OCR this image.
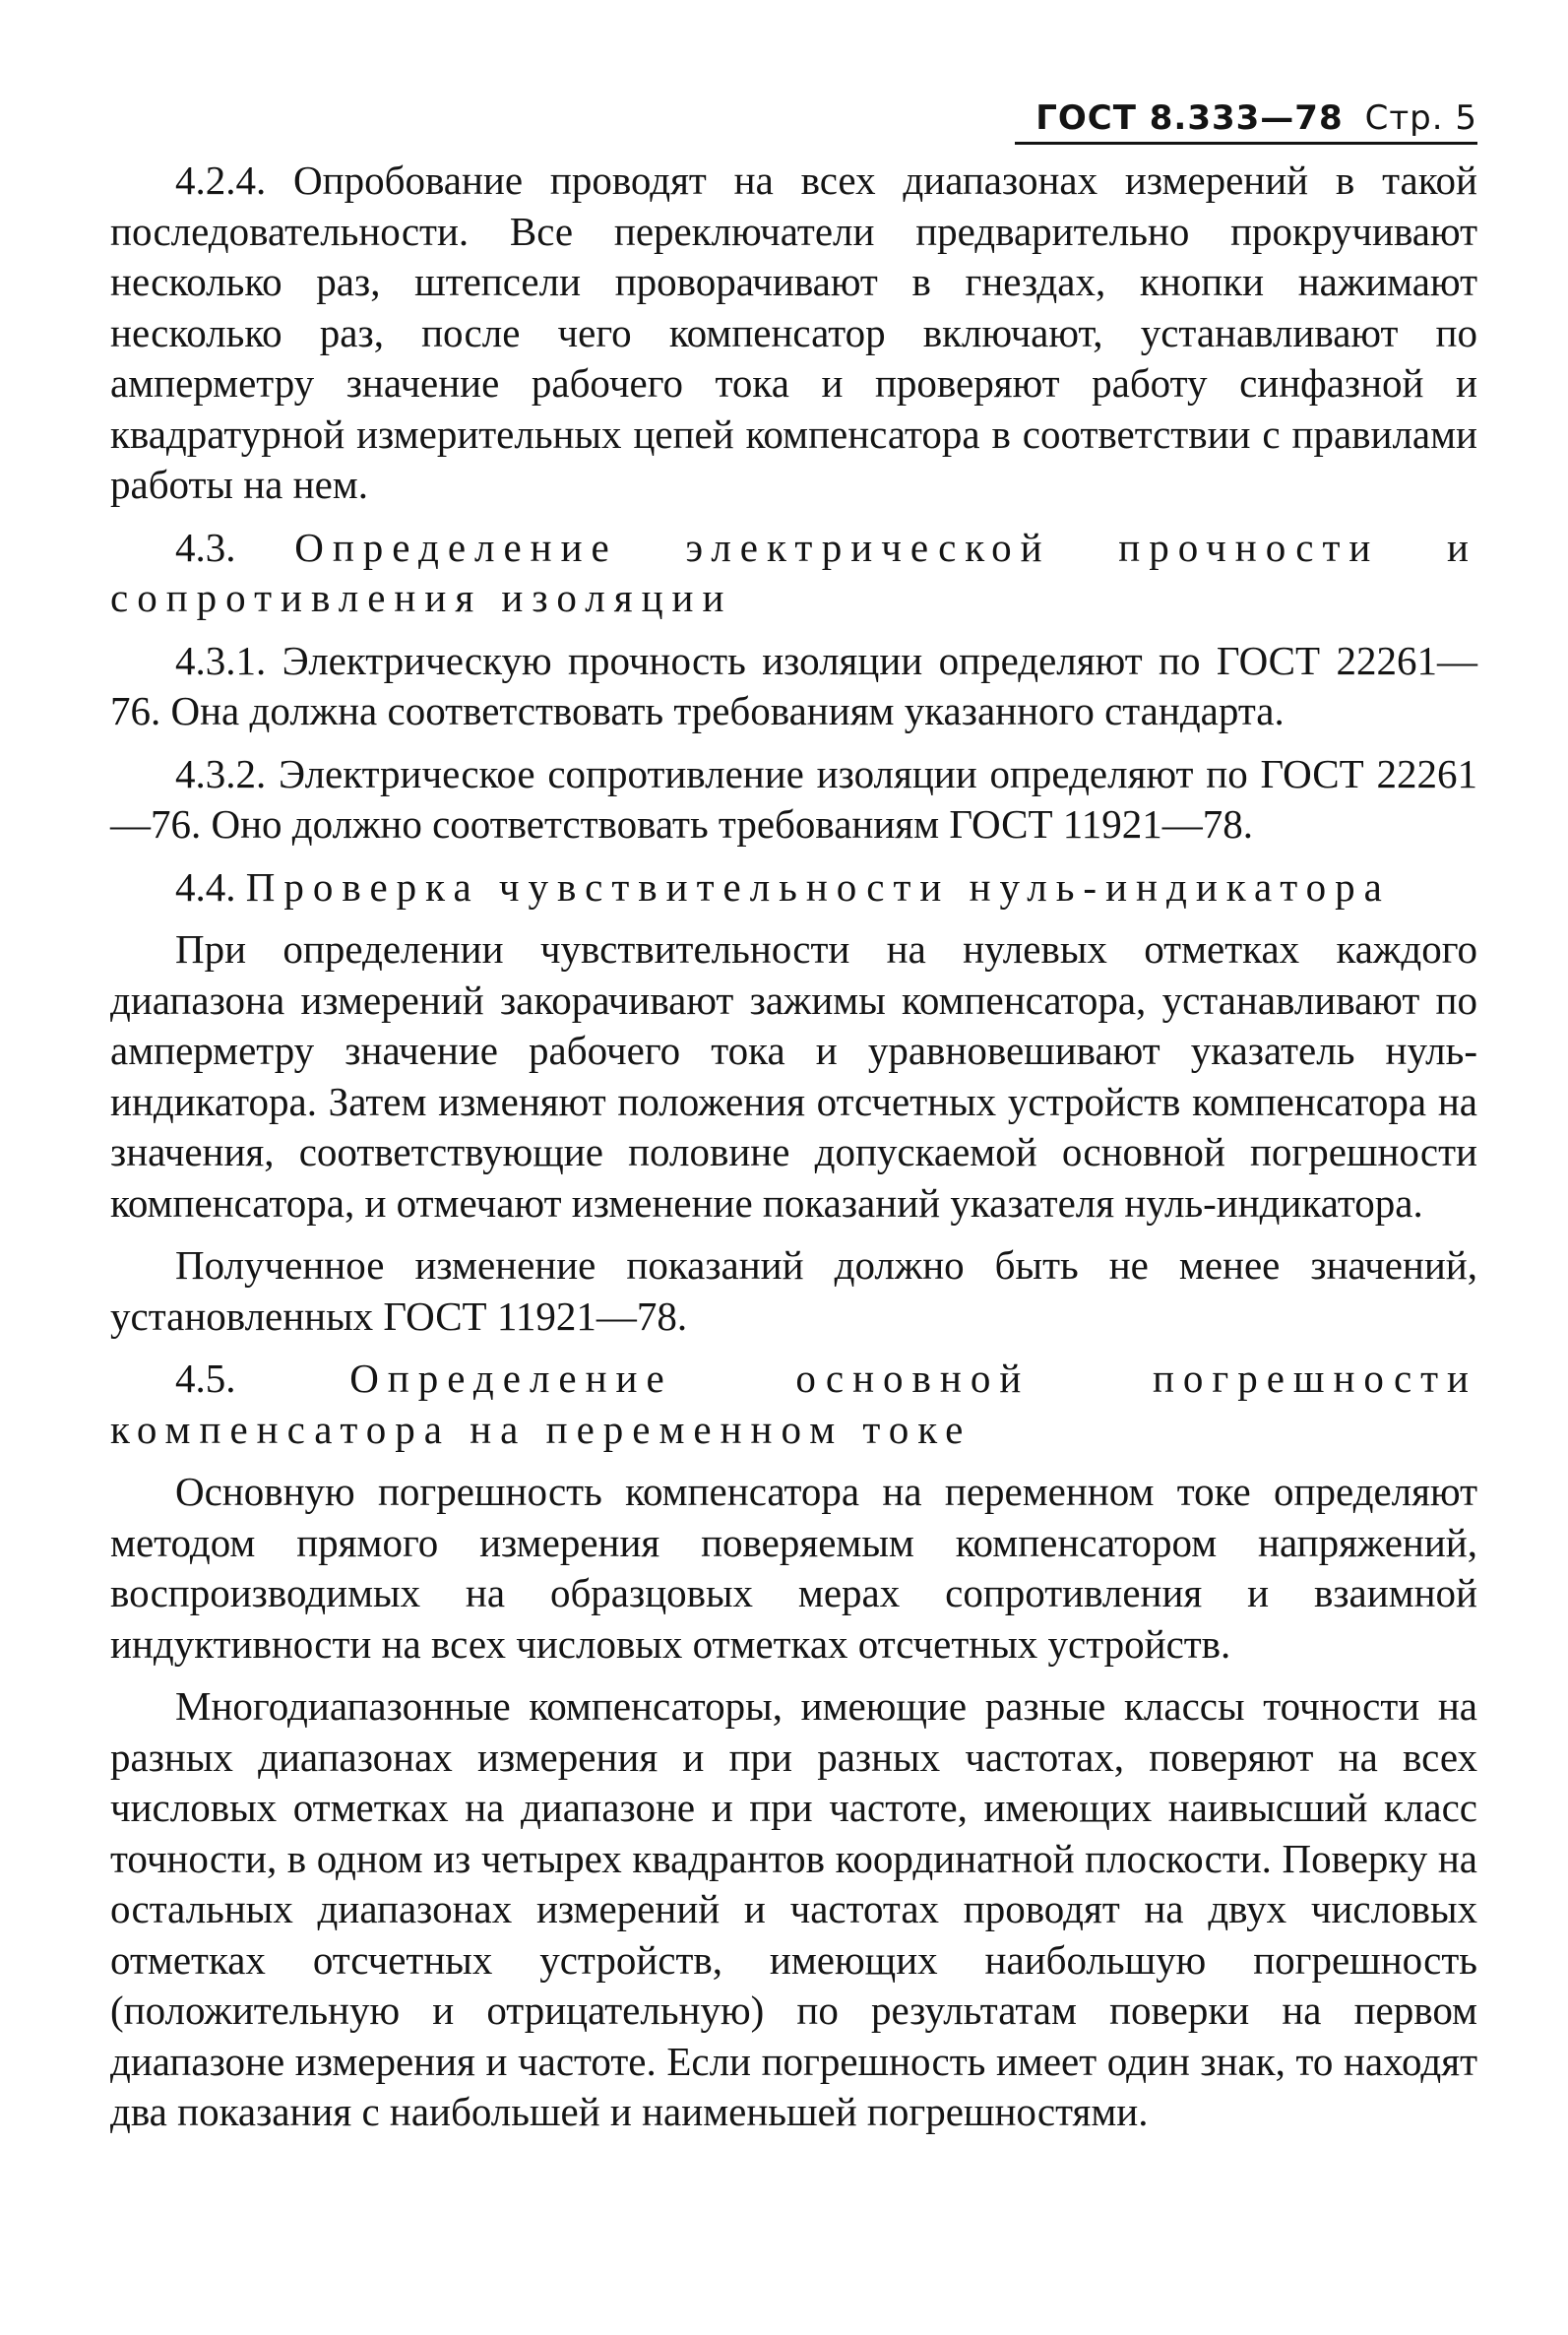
ГОСТ 8.333—78 Стр. 5

4.2.4. Опробование проводят на всех диапазонах измерений в такой последовательности. Все переключатели предварительно прокручивают несколько раз, штепсели проворачивают в гнездах, кнопки нажимают несколько раз, после чего компенсатор включают, устанавливают по амперметру значение рабочего тока и проверяют работу синфазной и квадратурной измерительных цепей компенсатора в соответствии с правилами работы на нем.

4.3. Определение электрической прочности и сопротивления изоляции

4.3.1. Электрическую прочность изоляции определяют по ГОСТ 22261—76. Она должна соответствовать требованиям указанного стандарта.

4.3.2. Электрическое сопротивление изоляции определяют по ГОСТ 22261—76. Оно должно соответствовать требованиям ГОСТ 11921—78.

4.4. Проверка чувствительности нуль-индикатора

При определении чувствительности на нулевых отметках каждого диапазона измерений закорачивают зажимы компенсатора, устанавливают по амперметру значение рабочего тока и уравновешивают указатель нуль-индикатора. Затем изменяют положения отсчетных устройств компенсатора на значения, соответствующие половине допускаемой основной погрешности компенсатора, и отмечают изменение показаний указателя нуль-индикатора.

Полученное изменение показаний должно быть не менее значений, установленных ГОСТ 11921—78.

4.5.	Определение основной погрешности компенсатора на переменном токе

Основную погрешность компенсатора на переменном токе определяют методом прямого измерения поверяемым компенсатором напряжений, воспроизводимых на образцовых мерах сопротивления и взаимной индуктивности на всех числовых отметках отсчетных устройств.

Многодиапазонные компенсаторы, имеющие разные классы точности на разных диапазонах измерения и при разных частотах, поверяют на всех числовых отметках на диапазоне и при частоте, имеющих наивысший класс точности, в одном из четырех квадрантов координатной плоскости. Поверку на остальных диапазонах измерений и частотах проводят на двух числовых отметках отсчетных устройств, имеющих наибольшую погрешность (положительную и отрицательную) по результатам поверки на первом диапазоне измерения и частоте. Если погрешность имеет один знак, то находят два показания с наибольшей и наименьшей погрешностями.
